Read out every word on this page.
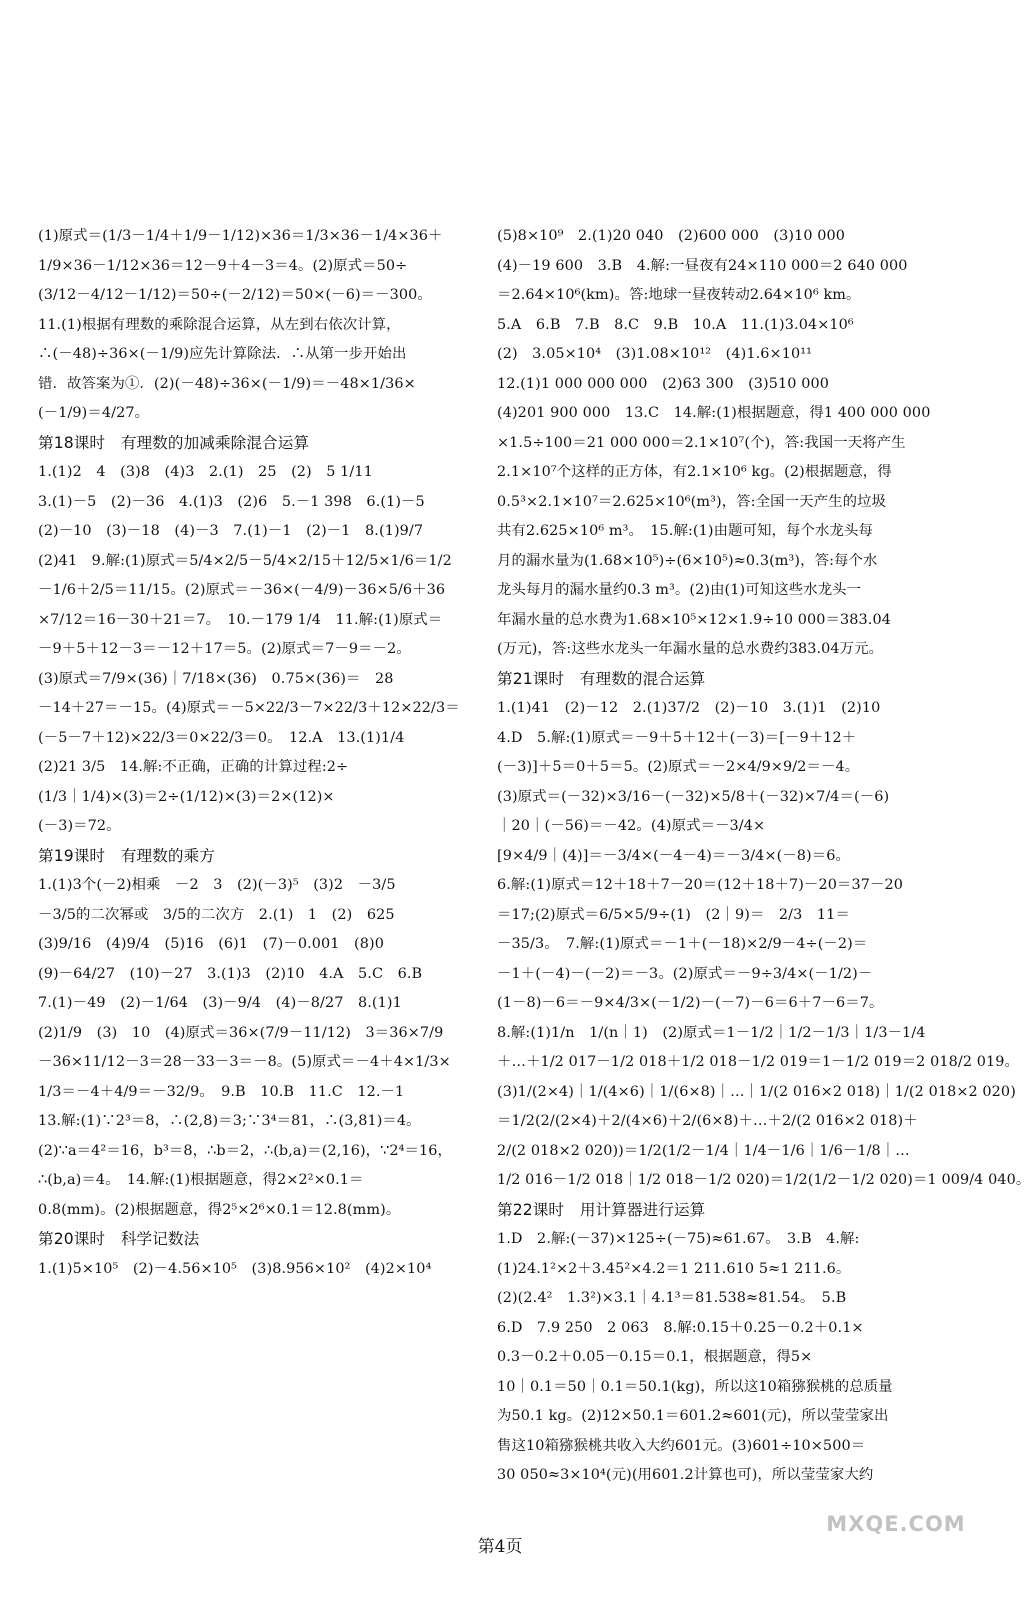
(1)原式＝(1/3－1/4＋1/9－1/12)×36＝1/3×36－1/4×36＋
1/9×36－1/12×36＝12－9＋4－3＝4。(2)原式＝50÷
(3/12－4/12－1/12)＝50÷(－2/12)＝50×(－6)＝－300。
11.(1)根据有理数的乘除混合运算，从左到右依次计算，
∴(－48)÷36×(－1/9)应先计算除法．∴从第一步开始出
错．故答案为①．(2)(－48)÷36×(－1/9)＝－48×1/36×
(－1/9)＝4/27。
第18课时　有理数的加减乘除混合运算
1.(1)2　4　(3)8　(4)3　2.(1)　25　(2)　5 1/11
3.(1)－5　(2)－36　4.(1)3　(2)6　5.－1 398　6.(1)－5
(2)－10　(3)－18　(4)－3　7.(1)－1　(2)－1　8.(1)9/7
(2)41　9.解:(1)原式＝5/4×2/5－5/4×2/15＋12/5×1/6＝1/2
－1/6＋2/5＝11/15。(2)原式＝－36×(－4/9)－36×5/6＋36
×7/12＝16－30＋21＝7。　10.－179 1/4　11.解:(1)原式＝
－9＋5＋12－3＝－12＋17＝5。(2)原式＝7－9＝－2。
(3)原式＝7/9×(36)｜7/18×(36)　0.75×(36)＝　28
－14＋27＝－15。(4)原式＝－5×22/3－7×22/3＋12×22/3＝
(－5－7＋12)×22/3＝0×22/3＝0。　12.A　13.(1)1/4
(2)21 3/5　14.解:不正确，正确的计算过程:2÷
(1/3｜1/4)×(3)＝2÷(1/12)×(3)＝2×(12)×
(－3)＝72。
第19课时　有理数的乘方
1.(1)3个(－2)相乘　－2　3　(2)(－3)⁵　(3)2　－3/5
－3/5的二次幂或　3/5的二次方　2.(1)　1　(2)　625
(3)9/16　(4)9/4　(5)16　(6)1　(7)－0.001　(8)0
(9)－64/27　(10)－27　3.(1)3　(2)10　4.A　5.C　6.B
7.(1)－49　(2)－1/64　(3)－9/4　(4)－8/27　8.(1)1
(2)1/9　(3)　10　(4)原式＝36×(7/9－11/12)　3＝36×7/9
－36×11/12－3＝28－33－3＝－8。(5)原式＝－4＋4×1/3×
1/3＝－4＋4/9＝－32/9。　9.B　10.B　11.C　12.－1
13.解:(1)∵2³＝8，∴(2,8)＝3;∵3⁴＝81，∴(3,81)＝4。
(2)∵a＝4²＝16，b³＝8，∴b＝2，∴(b,a)＝(2,16)，∵2⁴＝16，
∴(b,a)＝4。　14.解:(1)根据题意，得2×2²×0.1＝
0.8(mm)。(2)根据题意，得2⁵×2⁶×0.1＝12.8(mm)。
第20课时　科学记数法
1.(1)5×10⁵　(2)－4.56×10⁵　(3)8.956×10²　(4)2×10⁴
(5)8×10⁹　2.(1)20 040　(2)600 000　(3)10 000
(4)－19 600　3.B　4.解:一昼夜有24×110 000＝2 640 000
＝2.64×10⁶(km)。答:地球一昼夜转动2.64×10⁶ km。
5.A　6.B　7.B　8.C　9.B　10.A　11.(1)3.04×10⁶
(2)　3.05×10⁴　(3)1.08×10¹²　(4)1.6×10¹¹
12.(1)1 000 000 000　(2)63 300　(3)510 000
(4)201 900 000　13.C　14.解:(1)根据题意，得1 400 000 000
×1.5÷100＝21 000 000＝2.1×10⁷(个)，答:我国一天将产生
2.1×10⁷个这样的正方体，有2.1×10⁶ kg。(2)根据题意，得
0.5³×2.1×10⁷＝2.625×10⁶(m³)，答:全国一天产生的垃圾
共有2.625×10⁶ m³。　15.解:(1)由题可知，每个水龙头每
月的漏水量为(1.68×10⁵)÷(6×10⁵)≈0.3(m³)，答:每个水
龙头每月的漏水量约0.3 m³。(2)由(1)可知这些水龙头一
年漏水量的总水费为1.68×10⁵×12×1.9÷10 000＝383.04
(万元)，答:这些水龙头一年漏水量的总水费约383.04万元。
第21课时　有理数的混合运算
1.(1)41　(2)－12　2.(1)37/2　(2)－10　3.(1)1　(2)10
4.D　5.解:(1)原式＝－9＋5＋12＋(－3)＝[－9＋12＋
(－3)]＋5＝0＋5＝5。(2)原式＝－2×4/9×9/2＝－4。
(3)原式＝(－32)×3/16－(－32)×5/8＋(－32)×7/4＝(－6)
｜20｜(－56)＝－42。(4)原式＝－3/4×
[9×4/9｜(4)]＝－3/4×(－4－4)＝－3/4×(－8)＝6。
6.解:(1)原式＝12＋18＋7－20＝(12＋18＋7)－20＝37－20
＝17;(2)原式＝6/5×5/9÷(1)　(2｜9)＝　2/3　11＝
－35/3。　7.解:(1)原式＝－1＋(－18)×2/9－4÷(－2)＝
－1＋(－4)－(－2)＝－3。(2)原式＝－9÷3/4×(－1/2)－
(1－8)－6＝－9×4/3×(－1/2)－(－7)－6＝6＋7－6＝7。
8.解:(1)1/n　1/(n｜1)　(2)原式＝1－1/2｜1/2－1/3｜1/3－1/4
＋…＋1/2 017－1/2 018＋1/2 018－1/2 019＝1－1/2 019＝2 018/2 019。
(3)1/(2×4)｜1/(4×6)｜1/(6×8)｜…｜1/(2 016×2 018)｜1/(2 018×2 020)
＝1/2(2/(2×4)＋2/(4×6)＋2/(6×8)＋…＋2/(2 016×2 018)＋
2/(2 018×2 020))＝1/2(1/2－1/4｜1/4－1/6｜1/6－1/8｜…
1/2 016－1/2 018｜1/2 018－1/2 020)＝1/2(1/2－1/2 020)＝1 009/4 040。
第22课时　用计算器进行运算
1.D　2.解:(－37)×125÷(－75)≈61.67。　3.B　4.解:
(1)24.1²×2＋3.45²×4.2＝1 211.610 5≈1 211.6。
(2)(2.4²　1.3²)×3.1｜4.1³＝81.538≈81.54。　5.B
6.D　7.9 250　2 063　8.解:0.15＋0.25－0.2＋0.1×
0.3－0.2＋0.05－0.15＝0.1，根据题意，得5×
10｜0.1＝50｜0.1＝50.1(kg)，所以这10箱猕猴桃的总质量
为50.1 kg。(2)12×50.1＝601.2≈601(元)，所以莹莹家出
售这10箱猕猴桃共收入大约601元。(3)601÷10×500＝
30 050≈3×10⁴(元)(用601.2计算也可)，所以莹莹家大约
第4页
MXQE.COM
